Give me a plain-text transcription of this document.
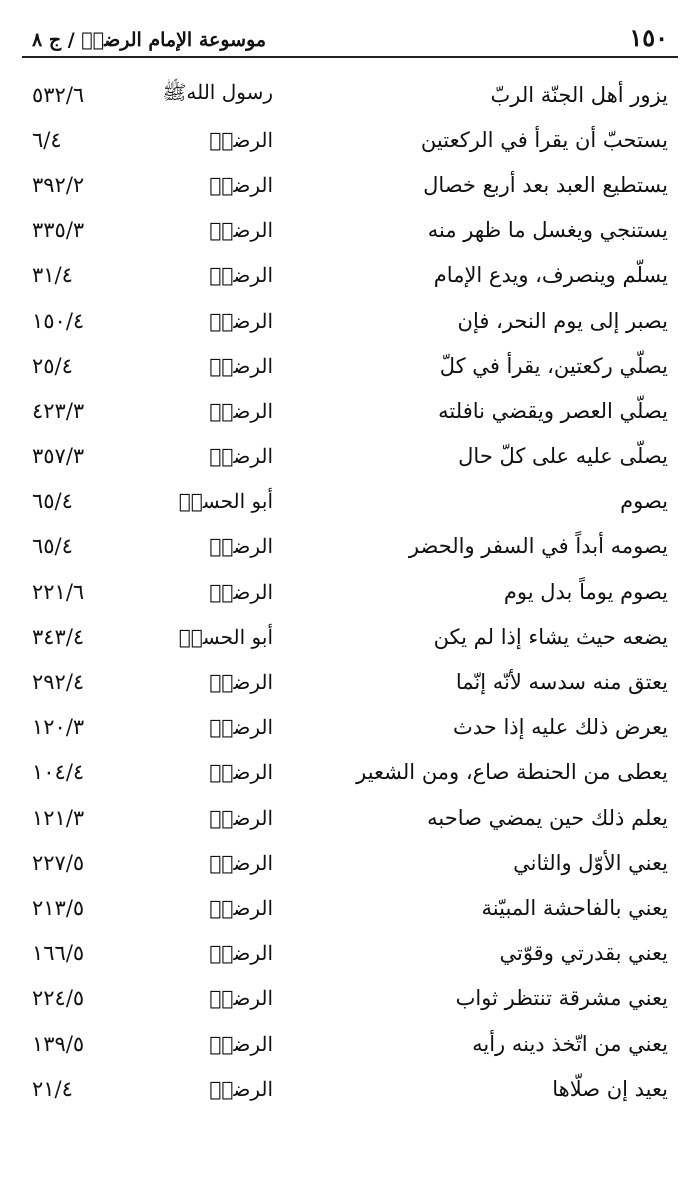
١٥٠
موسوعة الإمام الرضاؑ / ج ٨
يزور أهل الجنّة الربّ
رسول اللهﷺ
٥٣٢/٦
يستحبّ أن يقرأ في الركعتين
الرضاؑ
٦/٤
يستطيع العبد بعد أربع خصال
الرضاؑ
٣٩٢/٢
يستنجي ويغسل ما ظهر منه
الرضاؑ
٣٣٥/٣
يسلّم وينصرف، ويدع الإمام
الرضاؑ
٣١/٤
يصبر إلى يوم النحر، فإن
الرضاؑ
١٥٠/٤
يصلّي ركعتين، يقرأ في كلّ
الرضاؑ
٢٥/٤
يصلّي العصر ويقضي نافلته
الرضاؑ
٤٢٣/٣
يصلّى عليه على كلّ حال
الرضاؑ
٣٥٧/٣
يصوم
أبو الحسنؑ
٦٥/٤
يصومه أبداً في السفر والحضر
الرضاؑ
٦٥/٤
يصوم يوماً بدل يوم
الرضاؑ
٢٢١/٦
يضعه حيث يشاء إذا لم يكن
أبو الحسنؑ
٣٤٣/٤
يعتق منه سدسه لأنّه إنّما
الرضاؑ
٢٩٢/٤
يعرض ذلك عليه إذا حدث
الرضاؑ
١٢٠/٣
يعطى من الحنطة صاع، ومن الشعير
الرضاؑ
١٠٤/٤
يعلم ذلك حين يمضي صاحبه
الرضاؑ
١٢١/٣
يعني الأوّل والثاني
الرضاؑ
٢٢٧/٥
يعني بالفاحشة المبيّنة
الرضاؑ
٢١٣/٥
يعني بقدرتي وقوّتي
الرضاؑ
١٦٦/٥
يعني مشرقة تنتظر ثواب
الرضاؑ
٢٢٤/٥
يعني من اتّخذ دينه رأيه
الرضاؑ
١٣٩/٥
يعيد إن صلّاها
الرضاؑ
٢١/٤
